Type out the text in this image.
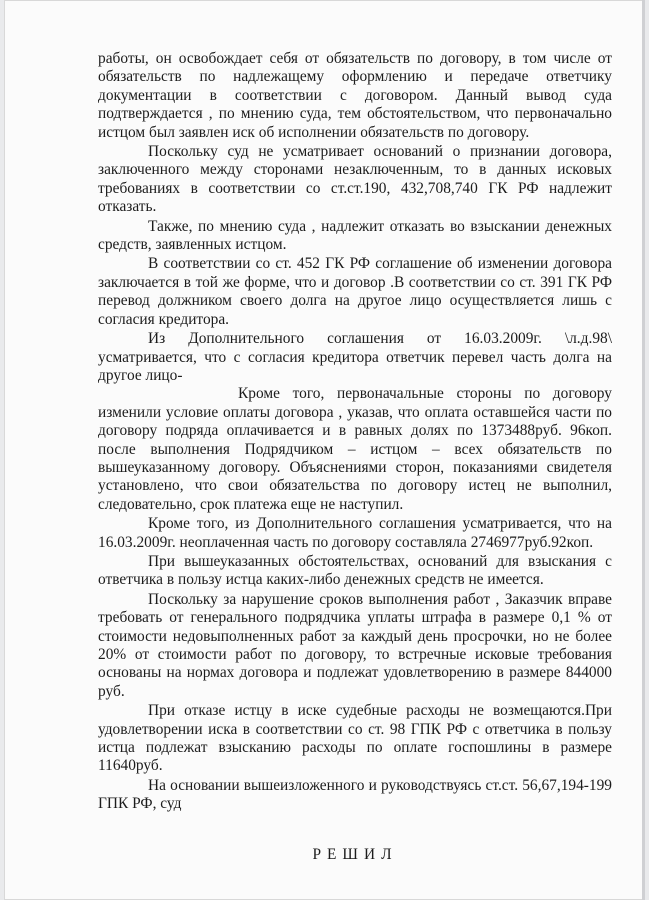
работы, он освобождает себя от обязательств по договору, в том числе от обязательств по надлежащему оформлению и передаче ответчику документации в соответствии с договором. Данный вывод суда подтверждается , по мнению суда, тем обстоятельством, что первоначально истцом был заявлен иск об исполнении обязательств по договору.

Поскольку суд не усматривает оснований о признании договора, заключенного между сторонами незаключенным, то в данных исковых требованиях в соответствии со ст.ст.190, 432,708,740 ГК РФ надлежит отказать.

Также, по мнению суда , надлежит отказать во взыскании денежных средств, заявленных истцом.

В соответствии со ст. 452 ГК РФ соглашение об изменении договора заключается в той же форме, что и договор .В соответствии со ст. 391 ГК РФ перевод должником своего долга на другое лицо осуществляется лишь с согласия кредитора.

Из Дополнительного соглашения от 16.03.2009г. \л.д.98\ усматривается, что с согласия кредитора ответчик перевел часть долга на другое лицо-

Кроме того, первоначальные стороны по договору изменили условие оплаты договора , указав, что оплата оставшейся части по договору подряда оплачивается и в равных долях по 1373488руб. 96коп. после выполнения Подрядчиком – истцом – всех обязательств по вышеуказанному договору. Объяснениями сторон, показаниями свидетеля установлено, что свои обязательства по договору истец не выполнил, следовательно, срок платежа еще не наступил.

Кроме того, из Дополнительного соглашения усматривается, что на 16.03.2009г. неоплаченная часть по договору составляла 2746977руб.92коп.

При вышеуказанных обстоятельствах, оснований для взыскания с ответчика в пользу истца каких-либо денежных средств не имеется.

Поскольку за нарушение сроков выполнения работ , Заказчик вправе требовать от генерального подрядчика уплаты штрафа в размере 0,1 % от стоимости недовыполненных работ за каждый день просрочки, но не более 20% от стоимости работ по договору, то встречные исковые требования основаны на нормах договора и подлежат удовлетворению в размере 844000 руб.

При отказе истцу в иске судебные расходы не возмещаются.При удовлетворении иска в соответствии со ст. 98 ГПК РФ с ответчика в пользу истца подлежат взысканию расходы по оплате госпошлины в размере 11640руб.

На основании вышеизложенного и руководствуясь ст.ст. 56,67,194-199 ГПК РФ, суд

РЕШИЛ
